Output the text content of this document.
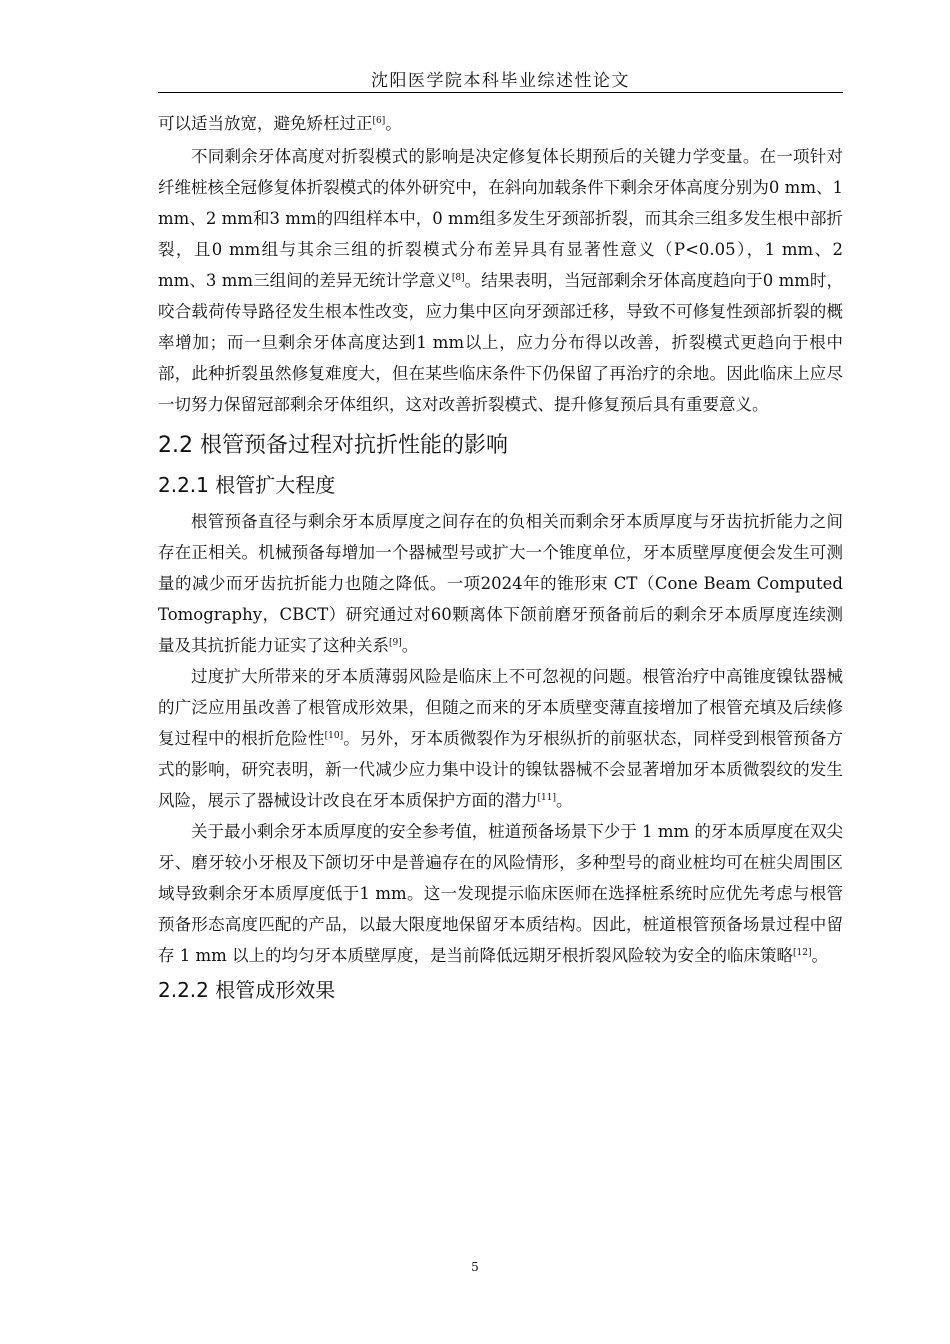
沈阳医学院本科毕业综述性论文

可以适当放宽，避免矫枉过正[6]。

不同剩余牙体高度对折裂模式的影响是决定修复体长期预后的关键力学变量。在一项针对纤维桩核全冠修复体折裂模式的体外研究中，在斜向加载条件下剩余牙体高度分别为0 mm、1 mm、2 mm和3 mm的四组样本中，0 mm组多发生牙颈部折裂，而其余三组多发生根中部折裂，且0 mm组与其余三组的折裂模式分布差异具有显著性意义（P<0.05），1 mm、2 mm、3 mm三组间的差异无统计学意义[8]。结果表明，当冠部剩余牙体高度趋向于0 mm时，咬合载荷传导路径发生根本性改变，应力集中区向牙颈部迁移，导致不可修复性颈部折裂的概率增加；而一旦剩余牙体高度达到1 mm以上，应力分布得以改善，折裂模式更趋向于根中部，此种折裂虽然修复难度大，但在某些临床条件下仍保留了再治疗的余地。因此临床上应尽一切努力保留冠部剩余牙体组织，这对改善折裂模式、提升修复预后具有重要意义。

2.2 根管预备过程对抗折性能的影响
2.2.1 根管扩大程度

根管预备直径与剩余牙本质厚度之间存在的负相关而剩余牙本质厚度与牙齿抗折能力之间存在正相关。机械预备每增加一个器械型号或扩大一个锥度单位，牙本质壁厚度便会发生可测量的减少而牙齿抗折能力也随之降低。一项2024年的锥形束 CT（Cone Beam Computed Tomography，CBCT）研究通过对60颗离体下颌前磨牙预备前后的剩余牙本质厚度连续测量及其抗折能力证实了这种关系[9]。

过度扩大所带来的牙本质薄弱风险是临床上不可忽视的问题。根管治疗中高锥度镍钛器械的广泛应用虽改善了根管成形效果，但随之而来的牙本质壁变薄直接增加了根管充填及后续修复过程中的根折危险性[10]。另外，牙本质微裂作为牙根纵折的前驱状态，同样受到根管预备方式的影响，研究表明，新一代减少应力集中设计的镍钛器械不会显著增加牙本质微裂纹的发生风险，展示了器械设计改良在牙本质保护方面的潜力[11]。

关于最小剩余牙本质厚度的安全参考值，桩道预备场景下少于 1 mm 的牙本质厚度在双尖牙、磨牙较小牙根及下颌切牙中是普遍存在的风险情形，多种型号的商业桩均可在桩尖周围区域导致剩余牙本质厚度低于1 mm。这一发现提示临床医师在选择桩系统时应优先考虑与根管预备形态高度匹配的产品，以最大限度地保留牙本质结构。因此，桩道根管预备场景过程中留存 1 mm 以上的均匀牙本质壁厚度，是当前降低远期牙根折裂风险较为安全的临床策略[12]。

2.2.2 根管成形效果
5
